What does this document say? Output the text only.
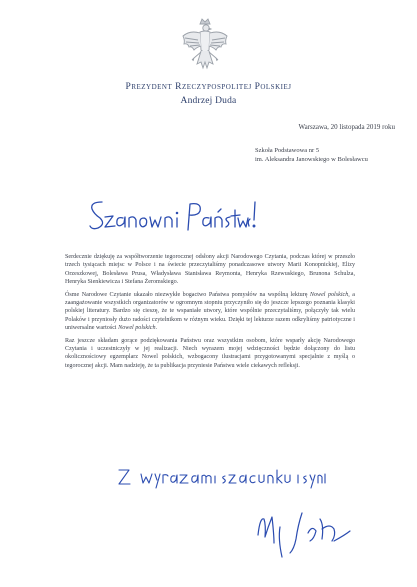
Prezydent Rzeczypospolitej Polskiej
Andrzej Duda
Warszawa, 20 listopada 2019 roku
Szkoła Podstawowa nr 5
im. Aleksandra Janowskiego w Bolesławcu

Serdecznie dziękuję za współtworzenie tegorocznej odsłony akcji Narodowego Czytania, podczas której w przeszło trzech tysiącach miejsc w Polsce i na świecie przeczytaliśmy ponadczasowe utwory Marii Konopnickiej, Elizy Orzeszkowej, Bolesława Prusa, Władysława Stanisława Reymonta, Henryka Rzewuskiego, Brunona Schulza, Henryka Sienkiewicza i Stefana Żeromskiego.

Ósme Narodowe Czytanie ukazało niezwykłe bogactwo Państwa pomysłów na wspólną lekturę Nowel polskich, a zaangażowanie wszystkich organizatorów w ogromnym stopniu przyczyniło się do jeszcze lepszego poznania klasyki polskiej literatury. Bardzo się cieszę, że te wspaniałe utwory, które wspólnie przeczytaliśmy, połączyły tak wielu Polaków i przyniosły dużo radości czytelnikom w różnym wieku. Dzięki tej lekturze razem odkryliśmy patriotyczne i uniwersalne wartości Nowel polskich.

Raz jeszcze składam gorące podziękowania Państwu oraz wszystkim osobom, które wsparły akcję Narodowego Czytania i uczestniczyły w jej realizacji. Niech wyrazem mojej wdzięczności będzie dołączony do listu okolicznościowy egzemplarz Nowel polskich, wzbogacony ilustracjami przygotowanymi specjalnie z myślą o tegorocznej akcji. Mam nadzieję, że ta publikacja przyniesie Państwu wiele ciekawych refleksji.
